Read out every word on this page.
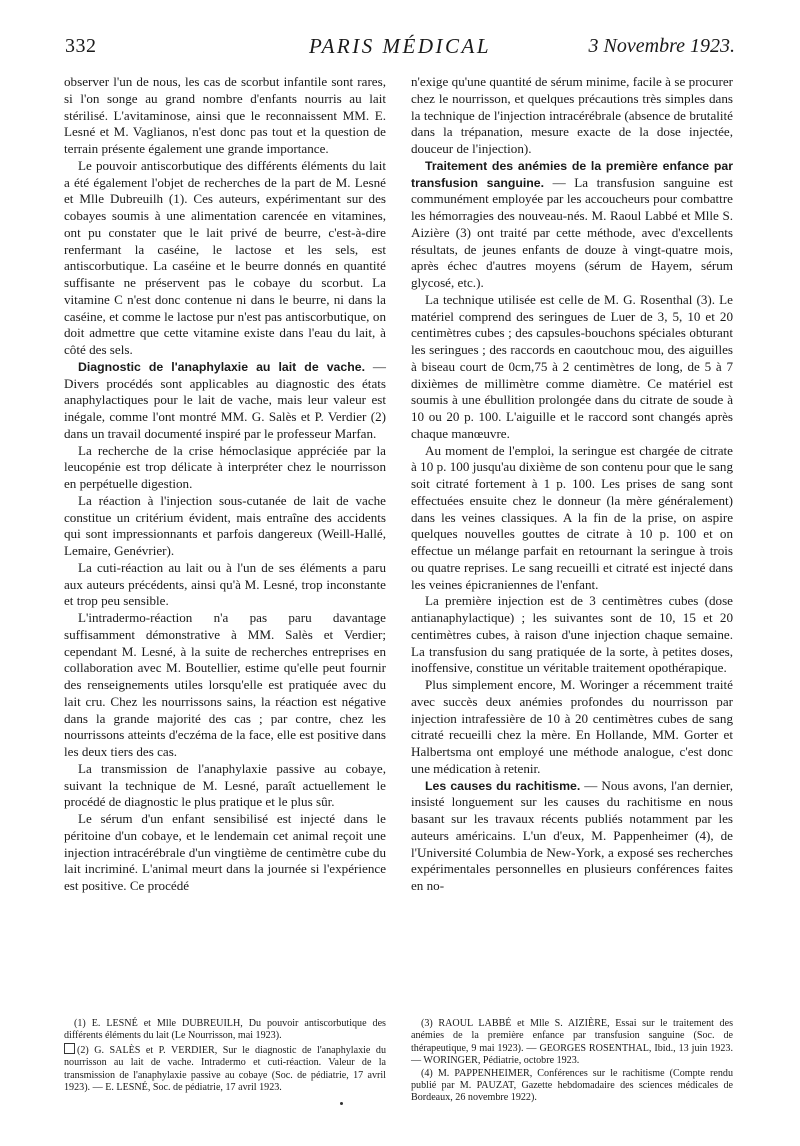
332	PARIS MÉDICAL	3 Novembre 1923.

observer l'un de nous, les cas de scorbut infantile sont rares, si l'on songe au grand nombre d'enfants nourris au lait stérilisé. L'avitaminose, ainsi que le reconnaissent MM. E. Lesné et M. Vaglianos, n'est donc pas tout et la question de terrain présente également une grande importance.

Le pouvoir antiscorbutique des différents éléments du lait a été également l'objet de recherches de la part de M. Lesné et Mlle Dubreuilh (1). Ces auteurs, expérimentant sur des cobayes soumis à une alimentation carencée en vitamines, ont pu constater que le lait privé de beurre, c'est-à-dire renfermant la caséine, le lactose et les sels, est antiscorbutique. La caséine et le beurre donnés en quantité suffisante ne préservent pas le cobaye du scorbut. La vitamine C n'est donc contenue ni dans le beurre, ni dans la caséine, et comme le lactose pur n'est pas antiscorbutique, on doit admettre que cette vitamine existe dans l'eau du lait, à côté des sels.

Diagnostic de l'anaphylaxie au lait de vache. — Divers procédés sont applicables au diagnostic des états anaphylactiques pour le lait de vache, mais leur valeur est inégale, comme l'ont montré MM. G. Salès et P. Verdier (2) dans un travail documenté inspiré par le professeur Marfan.

La recherche de la crise hémoclasique appréciée par la leucopénie est trop délicate à interpréter chez le nourrisson en perpétuelle digestion.

La réaction à l'injection sous-cutanée de lait de vache constitue un critérium évident, mais entraîne des accidents qui sont impressionnants et parfois dangereux (Weill-Hallé, Lemaire, Genévrier).

La cuti-réaction au lait ou à l'un de ses éléments a paru aux auteurs précédents, ainsi qu'à M. Lesné, trop inconstante et trop peu sensible.

L'intradermo-réaction n'a pas paru davantage suffisamment démonstrative à MM. Salès et Verdier; cependant M. Lesné, à la suite de recherches entreprises en collaboration avec M. Boutellier, estime qu'elle peut fournir des renseignements utiles lorsqu'elle est pratiquée avec du lait cru. Chez les nourrissons sains, la réaction est négative dans la grande majorité des cas ; par contre, chez les nourrissons atteints d'eczéma de la face, elle est positive dans les deux tiers des cas.

La transmission de l'anaphylaxie passive au cobaye, suivant la technique de M. Lesné, paraît actuellement le procédé de diagnostic le plus pratique et le plus sûr.

Le sérum d'un enfant sensibilisé est injecté dans le péritoine d'un cobaye, et le lendemain cet animal reçoit une injection intracérébrale d'un vingtième de centimètre cube du lait incriminé. L'animal meurt dans la journée si l'expérience est positive. Ce procédé

n'exige qu'une quantité de sérum minime, facile à se procurer chez le nourrisson, et quelques précautions très simples dans la technique de l'injection intracérébrale (absence de brutalité dans la trépanation, mesure exacte de la dose injectée, douceur de l'injection).

Traitement des anémies de la première enfance par transfusion sanguine. — La transfusion sanguine est communément employée par les accoucheurs pour combattre les hémorragies des nouveau-nés. M. Raoul Labbé et Mlle S. Aizière (3) ont traité par cette méthode, avec d'excellents résultats, de jeunes enfants de douze à vingt-quatre mois, après échec d'autres moyens (sérum de Hayem, sérum glycosé, etc.).

La technique utilisée est celle de M. G. Rosenthal (3). Le matériel comprend des seringues de Luer de 3, 5, 10 et 20 centimètres cubes ; des capsules-bouchons spéciales obturant les seringues ; des raccords en caoutchouc mou, des aiguilles à biseau court de 0cm,75 à 2 centimètres de long, de 5 à 7 dixièmes de millimètre comme diamètre. Ce matériel est soumis à une ébullition prolongée dans du citrate de soude à 10 ou 20 p. 100. L'aiguille et le raccord sont changés après chaque manœuvre.

Au moment de l'emploi, la seringue est chargée de citrate à 10 p. 100 jusqu'au dixième de son contenu pour que le sang soit citraté fortement à 1 p. 100. Les prises de sang sont effectuées ensuite chez le donneur (la mère généralement) dans les veines classiques. A la fin de la prise, on aspire quelques nouvelles gouttes de citrate à 10 p. 100 et on effectue un mélange parfait en retournant la seringue à trois ou quatre reprises. Le sang recueilli et citraté est injecté dans les veines épicraniennes de l'enfant.

La première injection est de 3 centimètres cubes (dose antianaphylactique) ; les suivantes sont de 10, 15 et 20 centimètres cubes, à raison d'une injection chaque semaine. La transfusion du sang pratiquée de la sorte, à petites doses, inoffensive, constitue un véritable traitement opothérapique.

Plus simplement encore, M. Woringer a récemment traité avec succès deux anémies profondes du nourrisson par injection intrafessière de 10 à 20 centimètres cubes de sang citraté recueilli chez la mère. En Hollande, MM. Gorter et Halbertsma ont employé une méthode analogue, c'est donc une médication à retenir.

Les causes du rachitisme. — Nous avons, l'an dernier, insisté longuement sur les causes du rachitisme en nous basant sur les travaux récents publiés notamment par les auteurs américains. L'un d'eux, M. Pappenheimer (4), de l'Université Columbia de New-York, a exposé ses recherches expérimentales personnelles en plusieurs conférences faites en no-

(1) E. LESNÉ et Mlle DUBREUILH, Du pouvoir antiscorbutique des différents éléments du lait (Le Nourrisson, mai 1923).

(2) G. SALÈS et P. VERDIER, Sur le diagnostic de l'anaphylaxie du nourrisson au lait de vache. Intradermo et cuti-réaction. Valeur de la transmission de l'anaphylaxie passive au cobaye (Soc. de pédiatrie, 17 avril 1923). — E. LESNÉ, Soc. de pédiatrie, 17 avril 1923.

(3) RAOUL LABBÉ et Mlle S. AIZIÈRE, Essai sur le traitement des anémies de la première enfance par transfusion sanguine (Soc. de thérapeutique, 9 mai 1923). — GEORGES ROSENTHAL, Ibid., 13 juin 1923. — WORINGER, Pédiatrie, octobre 1923.

(4) M. PAPPENHEIMER, Conférences sur le rachitisme (Compte rendu publié par M. PAUZAT, Gazette hebdomadaire des sciences médicales de Bordeaux, 26 novembre 1922).
